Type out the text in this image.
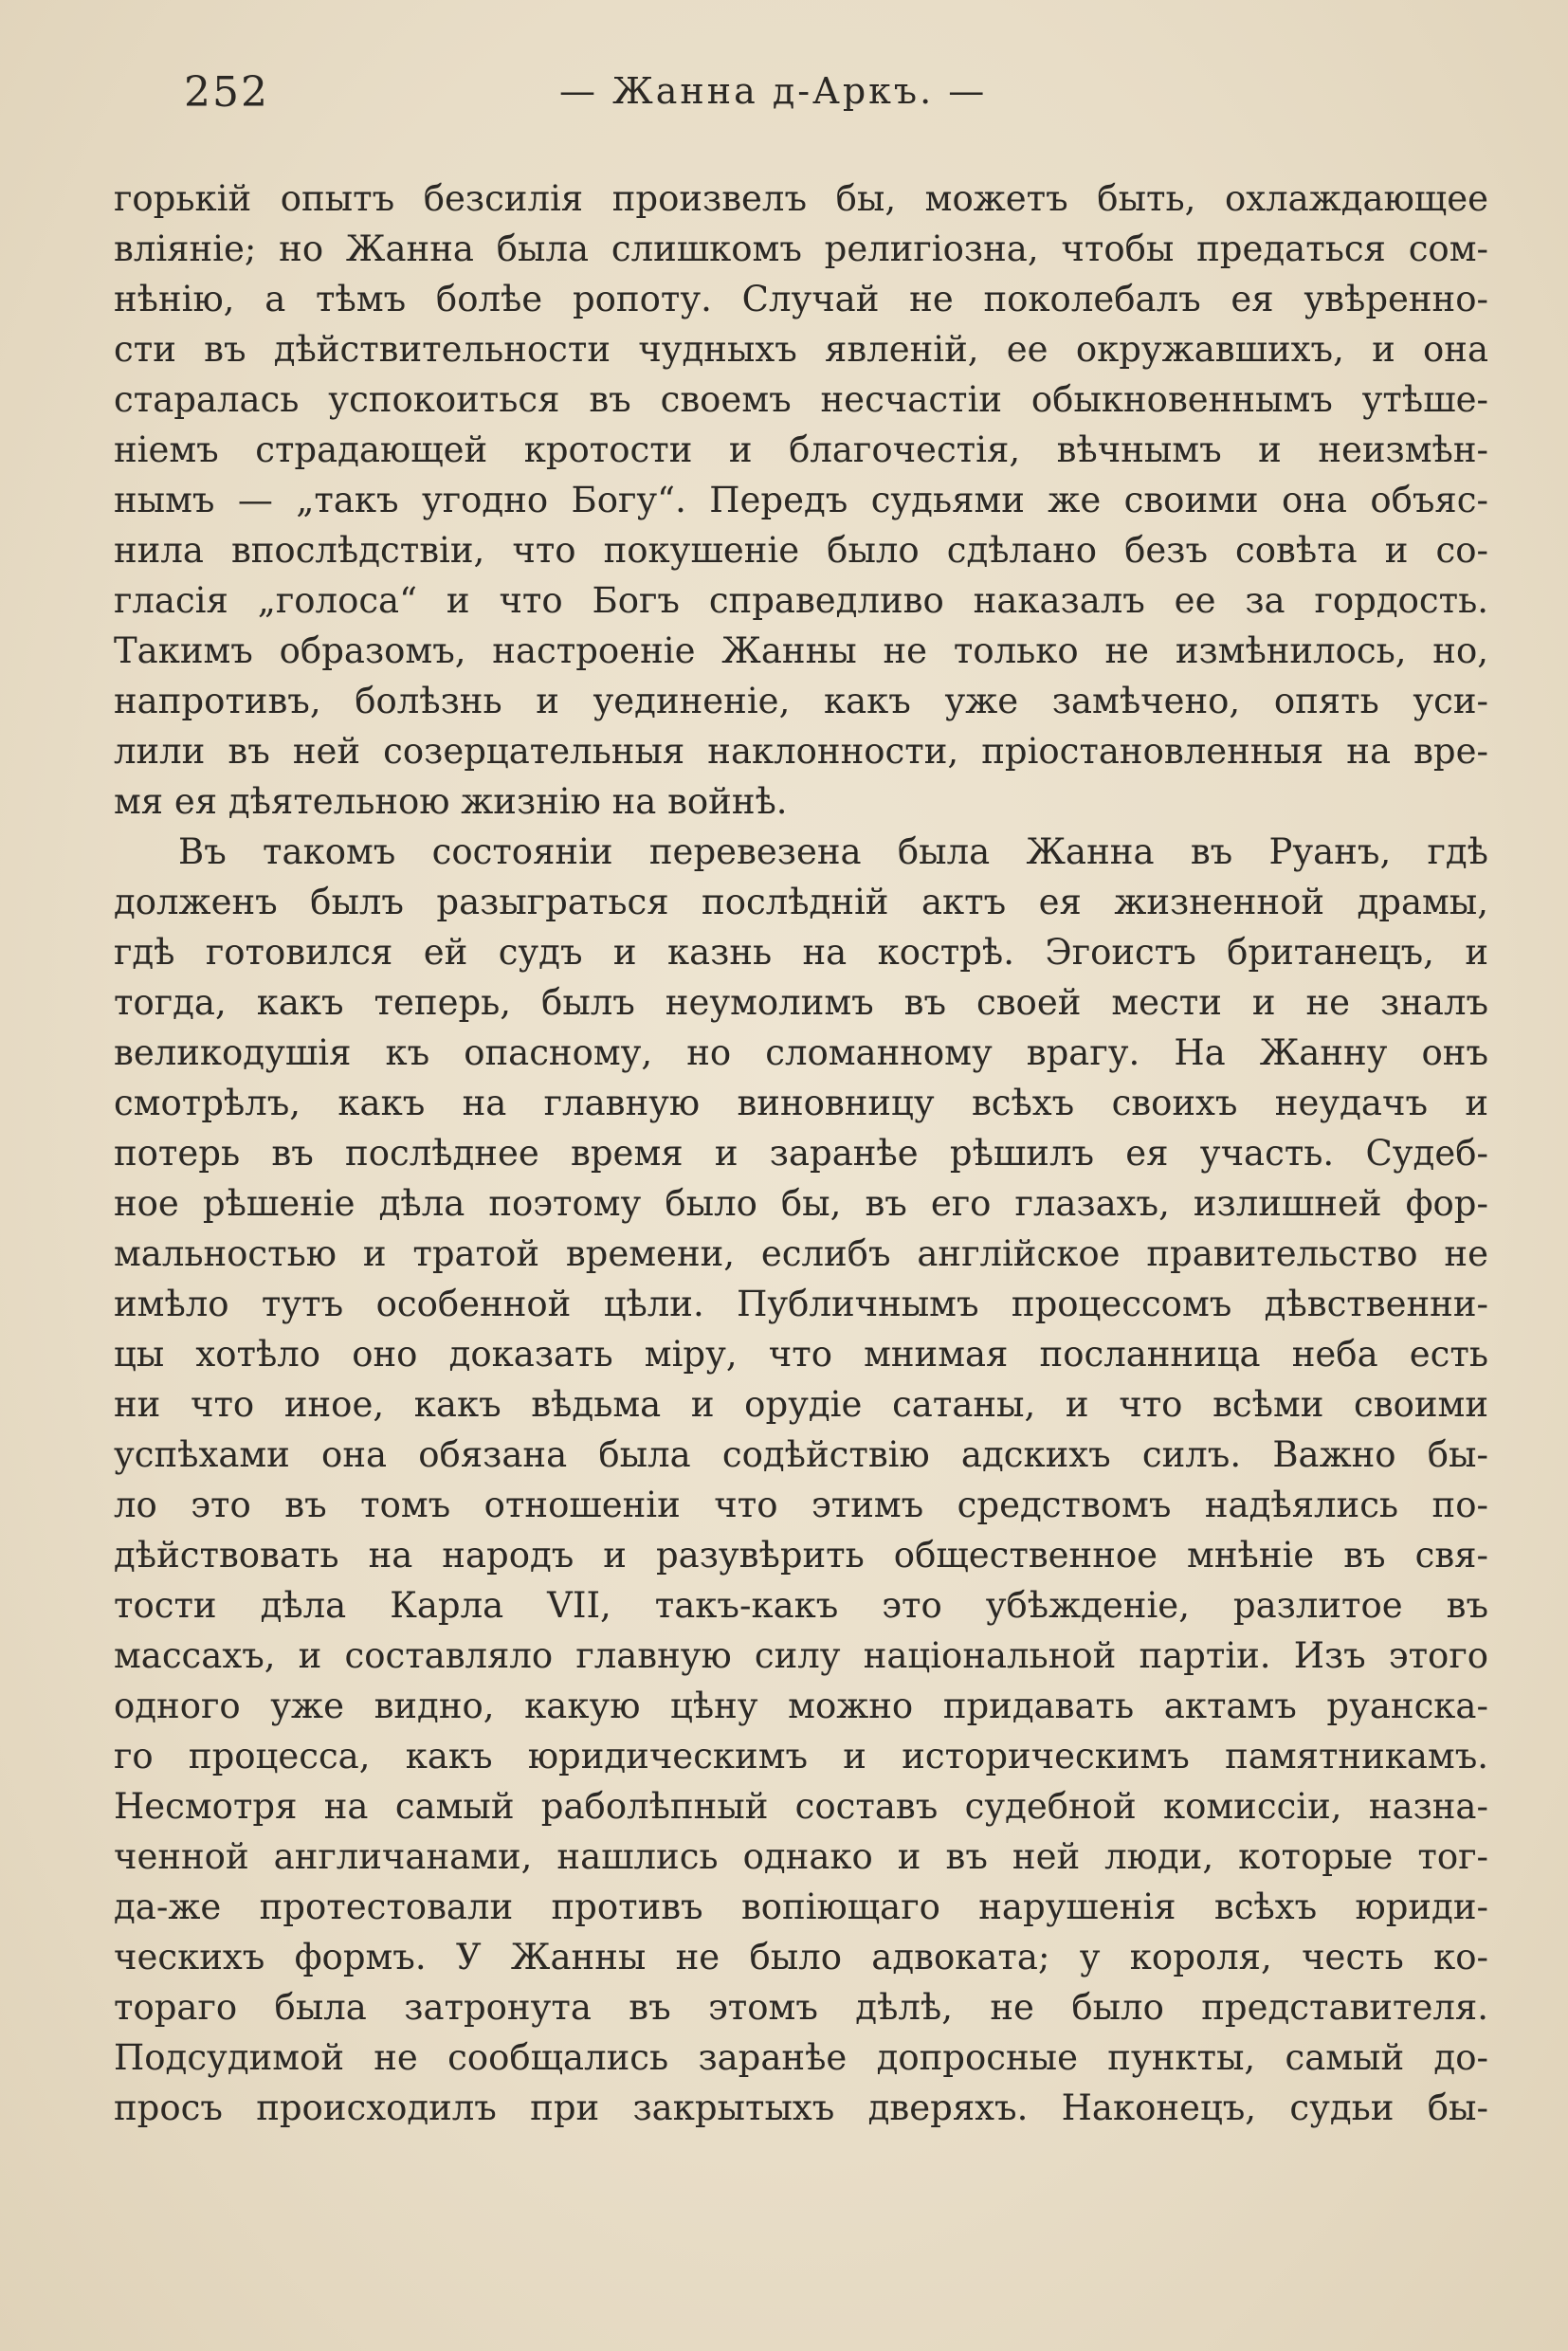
252	— Жанна д-Аркъ. —
горькій опытъ безсилія произвелъ бы, можетъ быть, охлаждающее
вліяніе; но Жанна была слишкомъ религіозна, чтобы предаться сом-
нѣнію, а тѣмъ болѣе ропоту. Случай не поколебалъ ея увѣренно-
сти въ дѣйствительности чудныхъ явленій, ее окружавшихъ, и она
старалась успокоиться въ своемъ несчастіи обыкновеннымъ утѣше-
ніемъ страдающей кротости и благочестія, вѣчнымъ и неизмѣн-
нымъ — „такъ угодно Богу“. Передъ судьями же своими она объяс-
нила впослѣдствіи, что покушеніе было сдѣлано безъ совѣта и со-
гласія „голоса“ и что Богъ справедливо наказалъ ее за гордость.
Такимъ образомъ, настроеніе Жанны не только не измѣнилось, но,
напротивъ, болѣзнь и уединеніе, какъ уже замѣчено, опять уси-
лили въ ней созерцательныя наклонности, пріостановленныя на вре-
мя ея дѣятельною жизнію на войнѣ.
Въ такомъ состояніи перевезена была Жанна въ Руанъ, гдѣ
долженъ былъ разыграться послѣдній актъ ея жизненной драмы,
гдѣ готовился ей судъ и казнь на кострѣ. Эгоистъ британецъ, и
тогда, какъ теперь, былъ неумолимъ въ своей мести и не зналъ
великодушія къ опасному, но сломанному врагу. На Жанну онъ
смотрѣлъ, какъ на главную виновницу всѣхъ своихъ неудачъ и
потерь въ послѣднее время и заранѣе рѣшилъ ея участь. Судеб-
ное рѣшеніе дѣла поэтому было бы, въ его глазахъ, излишней фор-
мальностью и тратой времени, еслибъ англійское правительство не
имѣло тутъ особенной цѣли. Публичнымъ процессомъ дѣвственни-
цы хотѣло оно доказать міру, что мнимая посланница неба есть
ни что иное, какъ вѣдьма и орудіе сатаны, и что всѣми своими
успѣхами она обязана была содѣйствію адскихъ силъ. Важно бы-
ло это въ томъ отношеніи что этимъ средствомъ надѣялись по-
дѣйствовать на народъ и разувѣрить общественное мнѣніе въ свя-
тости дѣла Карла VII, такъ-какъ это убѣжденіе, разлитое въ
массахъ, и составляло главную силу національной партіи. Изъ этого
одного уже видно, какую цѣну можно придавать актамъ руанска-
го процесса, какъ юридическимъ и историческимъ памятникамъ.
Несмотря на самый раболѣпный составъ судебной комиссіи, назна-
ченной англичанами, нашлись однако и въ ней люди, которые тог-
да-же протестовали противъ вопіющаго нарушенія всѣхъ юриди-
ческихъ формъ. У Жанны не было адвоката; у короля, честь ко-
тораго была затронута въ этомъ дѣлѣ, не было представителя.
Подсудимой не сообщались заранѣе допросные пункты, самый до-
просъ происходилъ при закрытыхъ дверяхъ. Наконецъ, судьи бы-
